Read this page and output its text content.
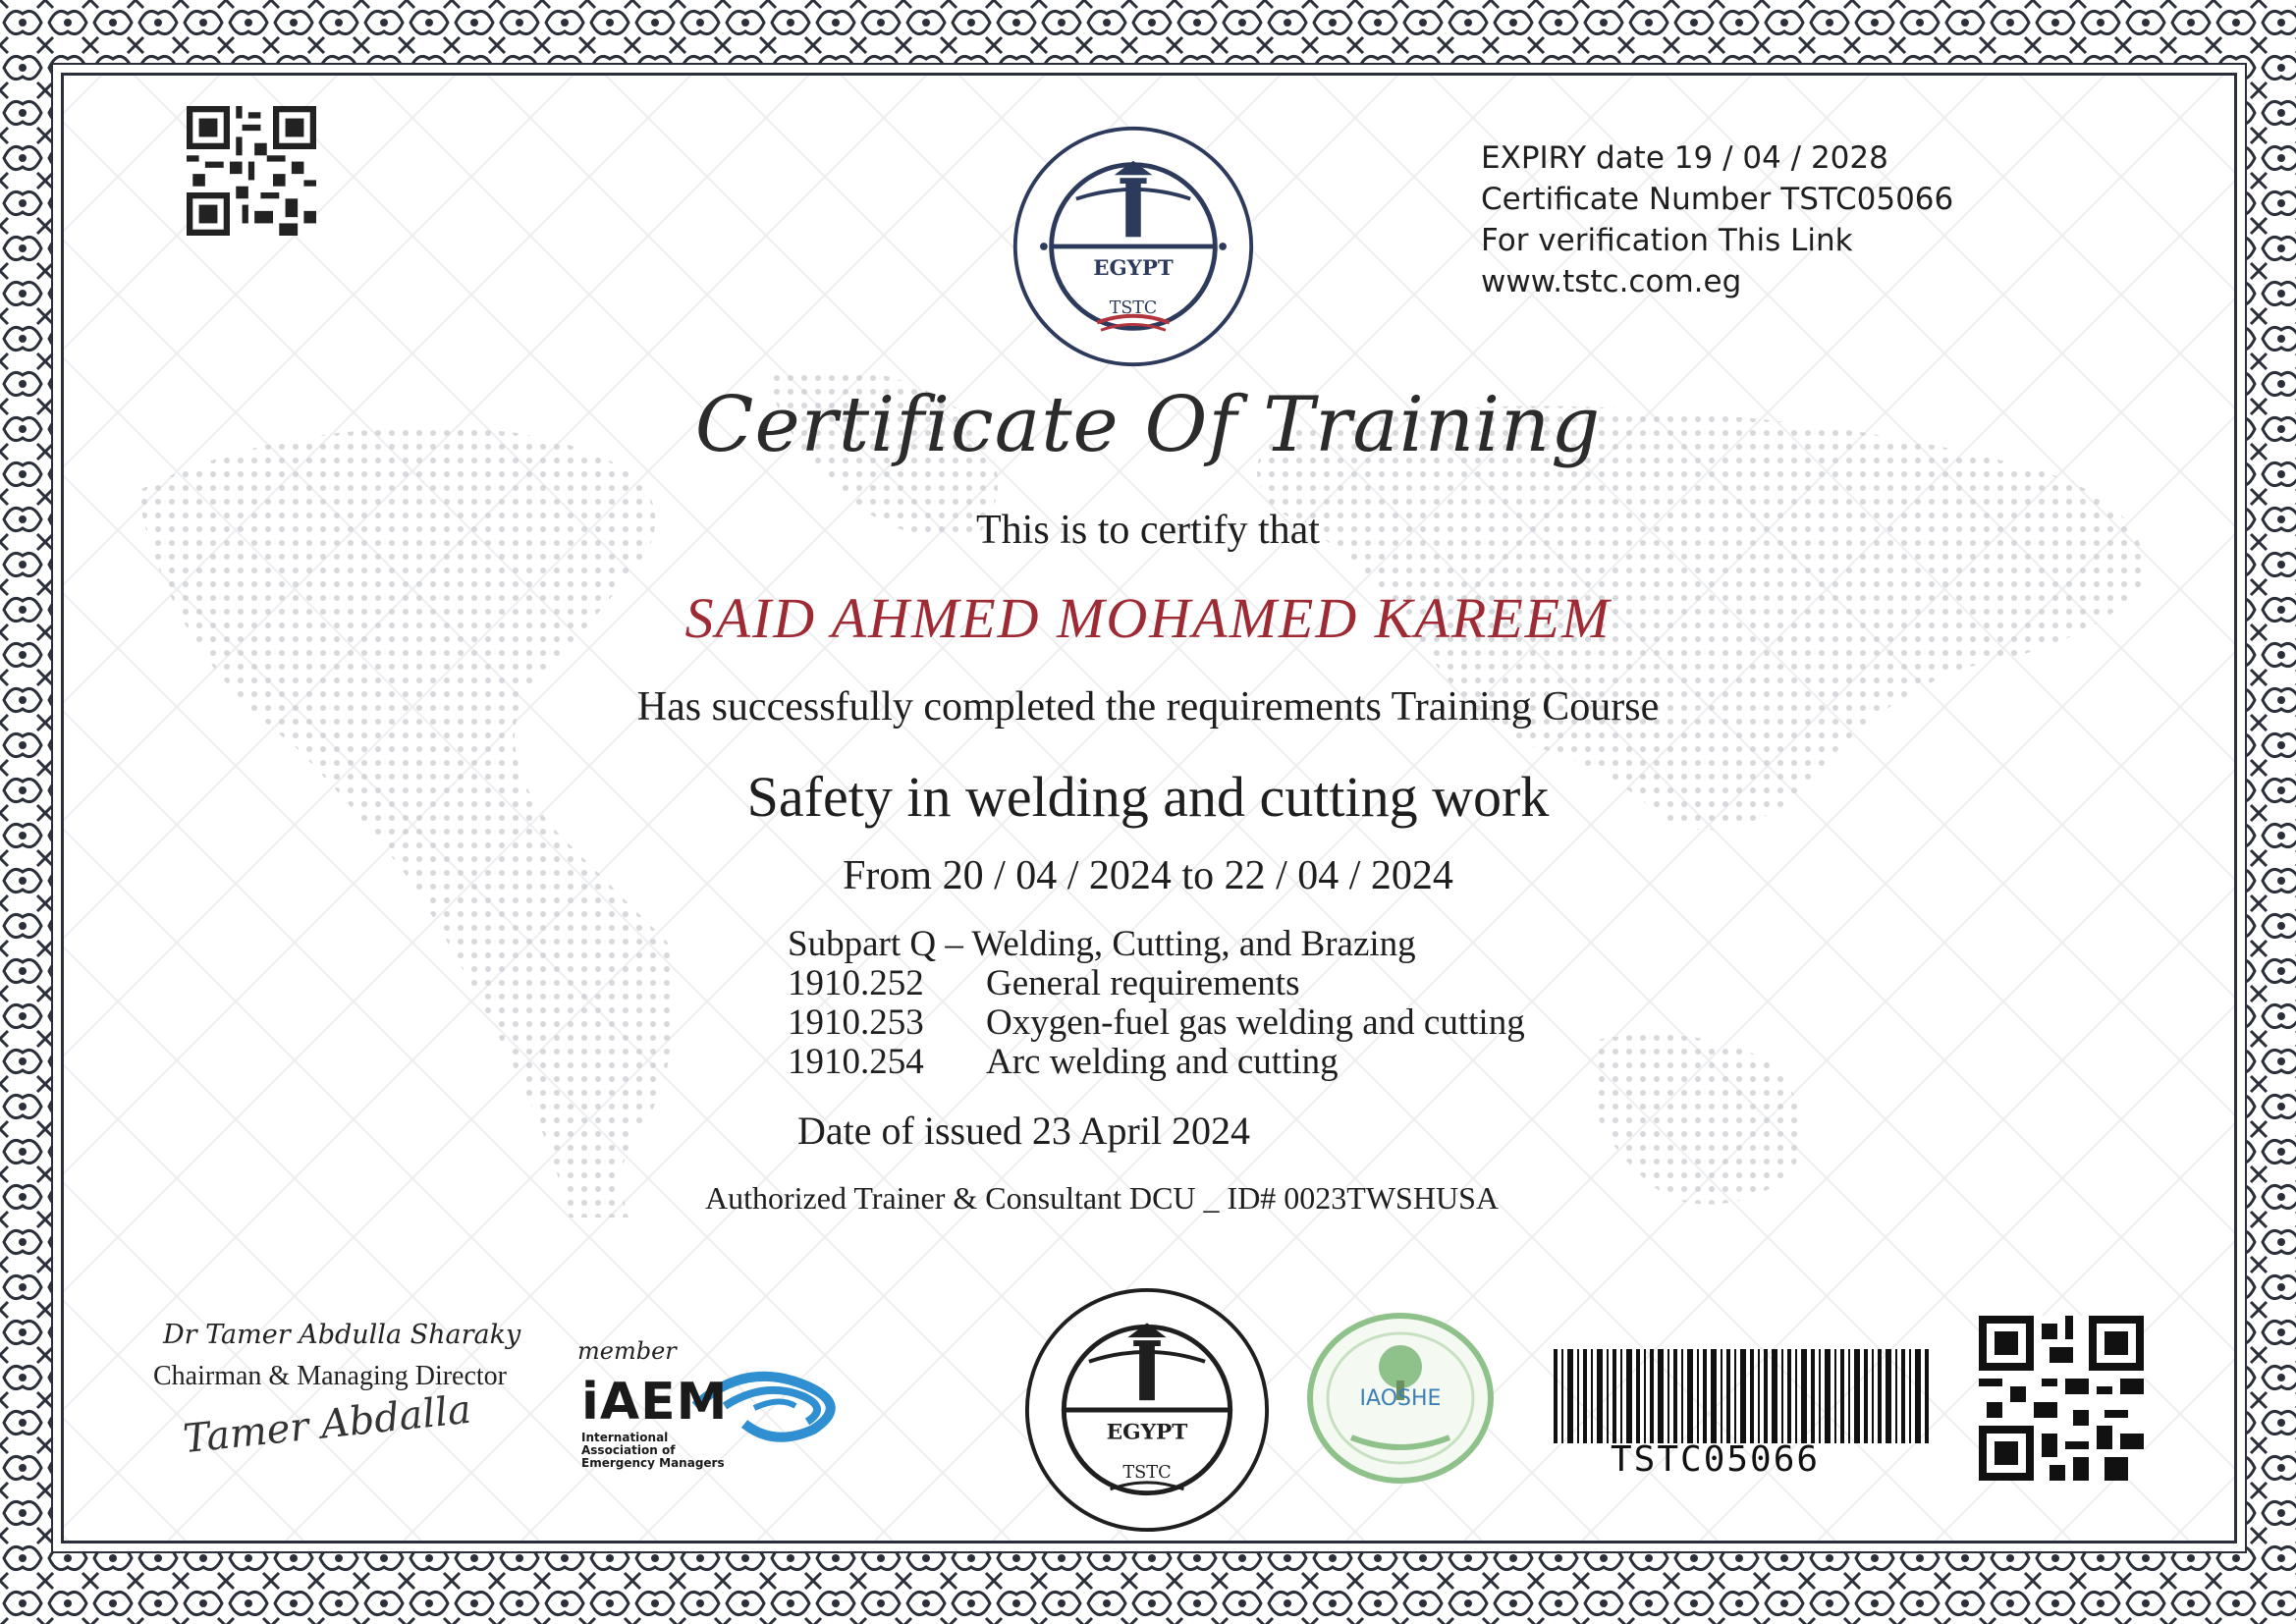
EGYPT
TSTC
EXPIRY date 19 / 04 / 2028
Certificate Number TSTC05066
For verification This Link
www.tstc.com.eg
Certificate Of Training
This is to certify that
SAID AHMED MOHAMED KAREEM
Has successfully completed the requirements Training Course
Safety in welding and cutting work
From 20 / 04 / 2024 to 22 / 04 / 2024
Subpart Q – Welding, Cutting, and Brazing
1910.252	General requirements
1910.253	Oxygen-fuel gas welding and cutting
1910.254	Arc welding and cutting
Date of issued 23 April 2024
Authorized Trainer & Consultant DCU _ ID# 0023TWSHUSA
Dr Tamer Abdulla Sharaky
Chairman & Managing Director
Tamer Abdalla
member
iAEM
International
Association of
Emergency Managers
EGYPT
TSTC
IAOSHE
TSTC05066
